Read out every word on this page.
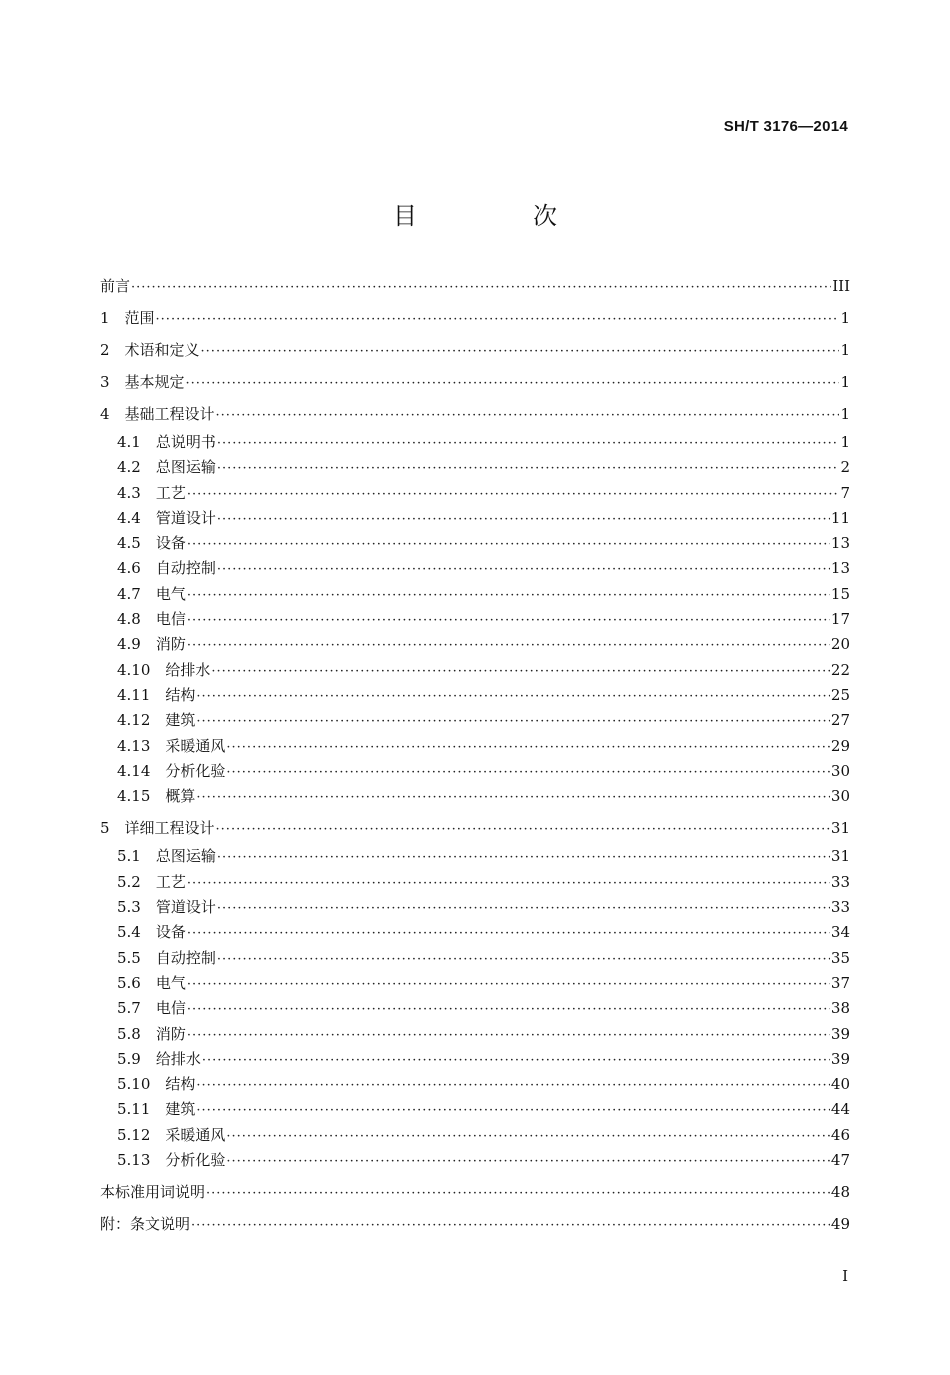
SH/T 3176—2014
目　次
前言 ·····	III
1　范围 ·····	1
2　术语和定义 ·····	1
3　基本规定 ·····	1
4　基础工程设计 ·····	1
4.1　总说明书 ·····	1
4.2　总图运输 ·····	2
4.3　工艺 ·····	7
4.4　管道设计 ·····	11
4.5　设备 ·····	13
4.6　自动控制 ·····	13
4.7　电气 ·····	15
4.8　电信 ·····	17
4.9　消防 ·····	20
4.10　给排水 ·····	22
4.11　结构 ·····	25
4.12　建筑 ·····	27
4.13　采暖通风 ·····	29
4.14　分析化验 ·····	30
4.15　概算 ·····	30
5　详细工程设计 ·····	31
5.1　总图运输 ·····	31
5.2　工艺 ·····	33
5.3　管道设计 ·····	33
5.4　设备 ·····	34
5.5　自动控制 ·····	35
5.6　电气 ·····	37
5.7　电信 ·····	38
5.8　消防 ·····	39
5.9　给排水 ·····	39
5.10　结构 ·····	40
5.11　建筑 ·····	44
5.12　采暖通风 ·····	46
5.13　分析化验 ·····	47
本标准用词说明 ·····	48
附：条文说明 ·····	49
I
